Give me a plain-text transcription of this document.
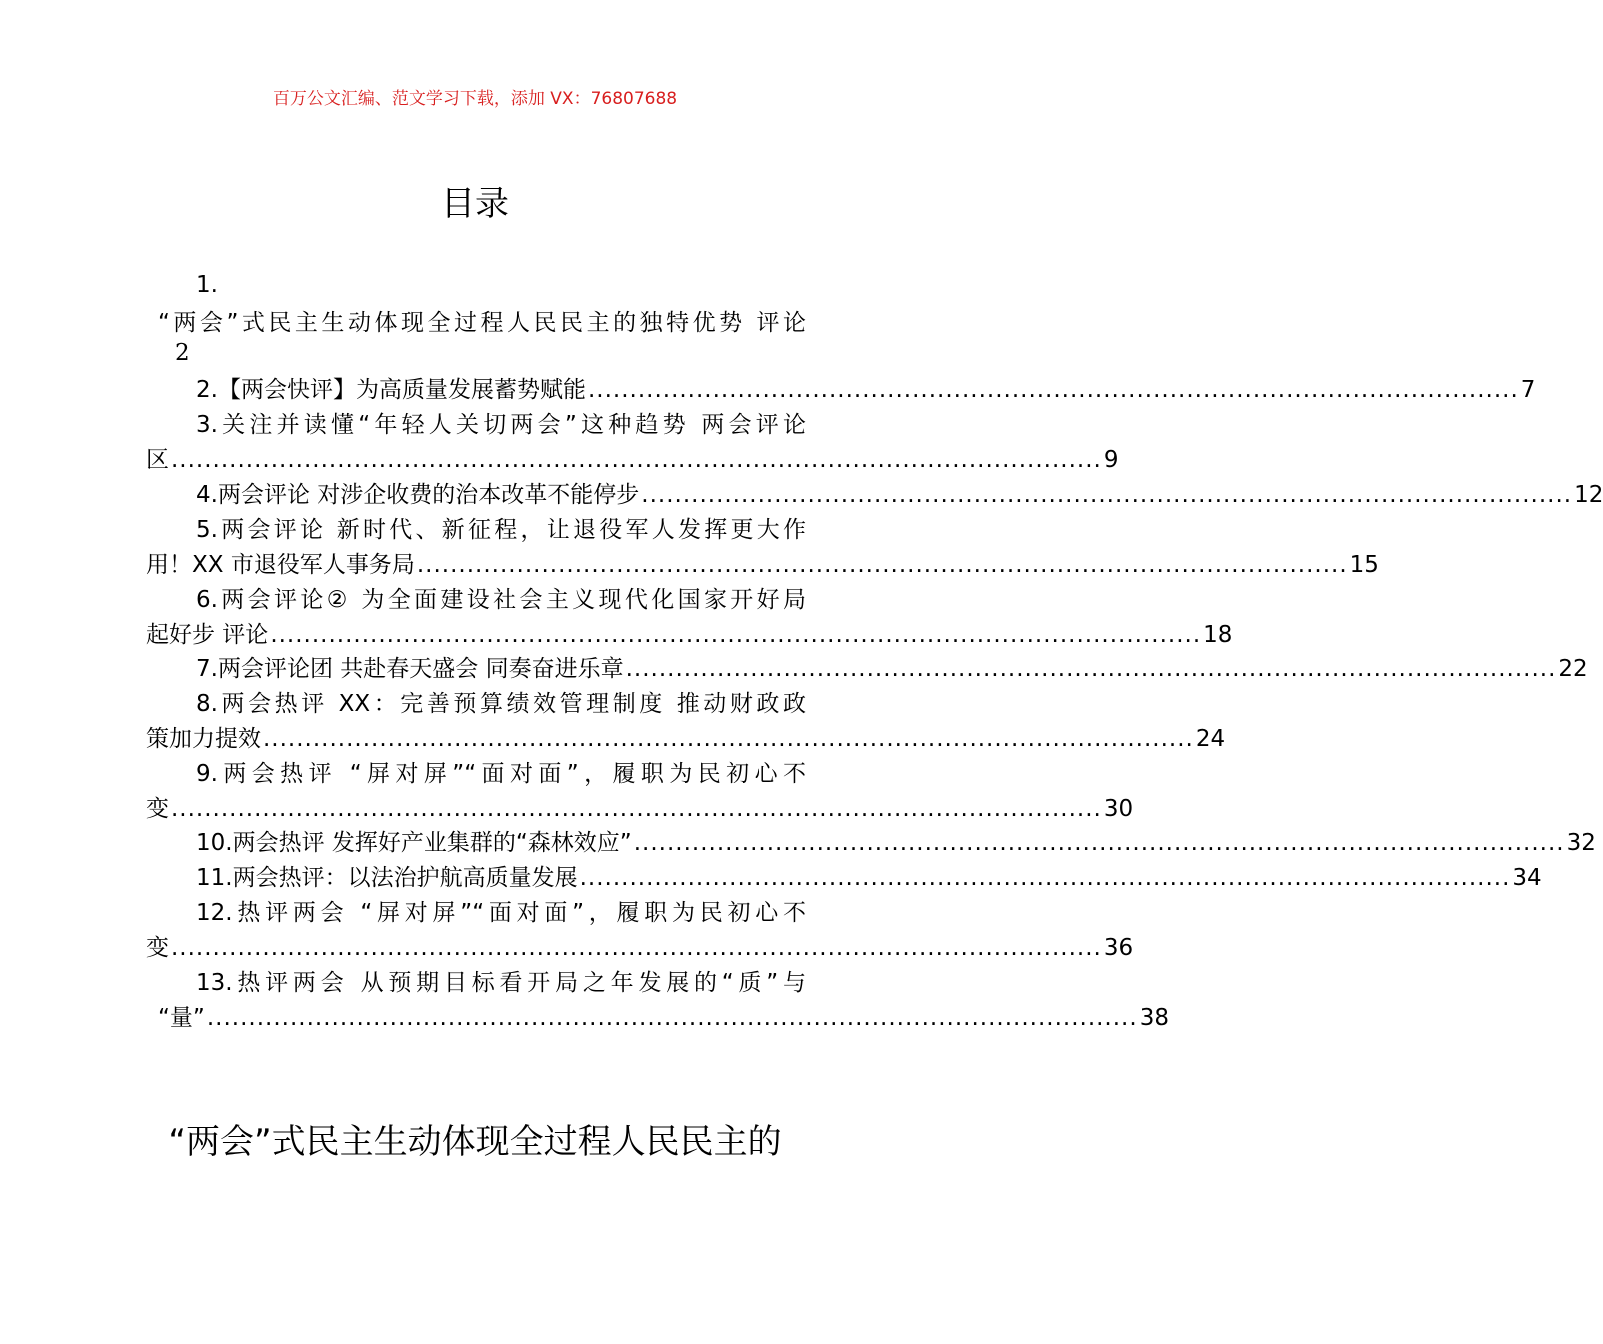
百万公文汇编、范文学习下载，添加 VX：76807688
目录
1.
“两会”式民主生动体现全过程人民民主的独特优势 评论
2
2.【两会快评】为高质量发展蓄势赋能 ................................................................................................................ 7
3.关注并读懂“年轻人关切两会”这种趋势 两会评论
区 ................................................................................................................ 9
4.两会评论 对涉企收费的治本改革不能停步 ................................................................................................................ 12
5.两会评论 新时代、新征程，让退役军人发挥更大作
用！XX 市退役军人事务局 ................................................................................................................ 15
6.两会评论② 为全面建设社会主义现代化国家开好局
起好步 评论 ................................................................................................................ 18
7.两会评论团 共赴春天盛会 同奏奋进乐章 ................................................................................................................ 22
8.两会热评 XX：完善预算绩效管理制度 推动财政政
策加力提效 ................................................................................................................ 24
9.两会热评 “屏对屏”“面对面”，履职为民初心不
变 ................................................................................................................ 30
10.两会热评 发挥好产业集群的“森林效应” ................................................................................................................ 32
11.两会热评：以法治护航高质量发展 ................................................................................................................ 34
12.热评两会 “屏对屏”“面对面”，履职为民初心不
变 ................................................................................................................ 36
13.热评两会 从预期目标看开局之年发展的“质”与
“量” ................................................................................................................ 38
“两会”式民主生动体现全过程人民民主的
